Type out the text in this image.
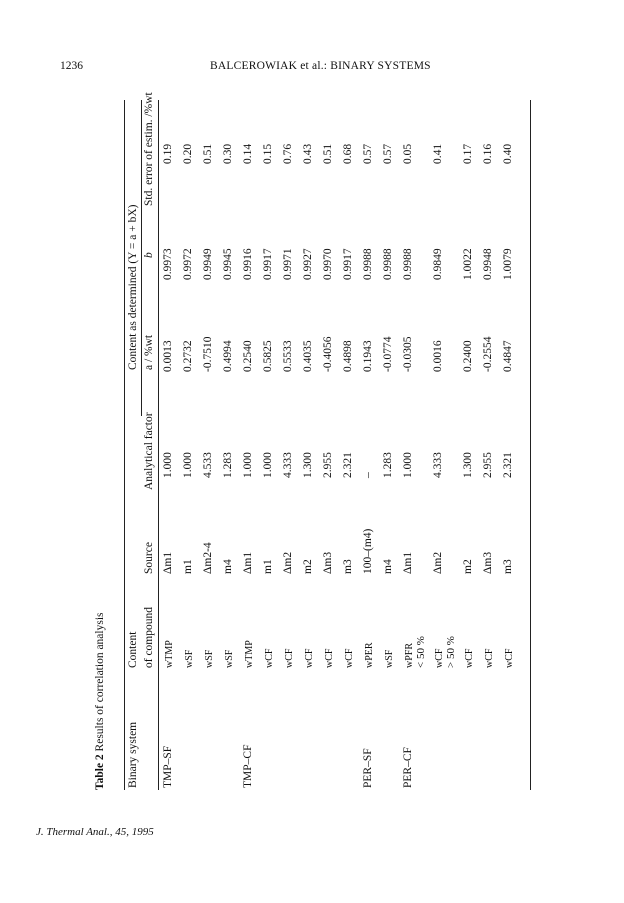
1236	BALCEROWIAK et al.: BINARY SYSTEMS
Table 2 Results of correlation analysis
Binary system
Content
Content as determined (Y = a + bX)
of compound
Source
Analytical factor
a / %wt
b
Std. error of estim. /%wt
TMP–SF
wTMP
Δm1
1.000
0.0013
0.9973
0.19
wSF
m1
1.000
0.2732
0.9972
0.20
wSF
Δm2-4
4.533
-0.7510
0.9949
0.51
wSF
m4
1.283
0.4994
0.9945
0.30
TMP–CF
wTMP
Δm1
1.000
0.2540
0.9916
0.14
wCF
m1
1.000
0.5825
0.9917
0.15
wCF
Δm2
4.333
0.5533
0.9971
0.76
wCF
m2
1.300
0.4035
0.9927
0.43
wCF
Δm3
2.955
-0.4056
0.9970
0.51
wCF
m3
2.321
0.4898
0.9917
0.68
PER–SF
wPER
100–(m4)
–
0.1943
0.9988
0.57
wSF
m4
1.283
-0.0774
0.9988
0.57
PER–CF
wPFR
Δm1
1.000
-0.0305
0.9988
0.05
< 50 % wCF
Δm2
4.333
0.0016
0.9849
0.41
> 50 % wCF
m2
1.300
0.2400
1.0022
0.17
wCF
Δm3
2.955
-0.2554
0.9948
0.16
wCF
m3
2.321
0.4847
1.0079
0.40
J. Thermal Anal., 45, 1995
